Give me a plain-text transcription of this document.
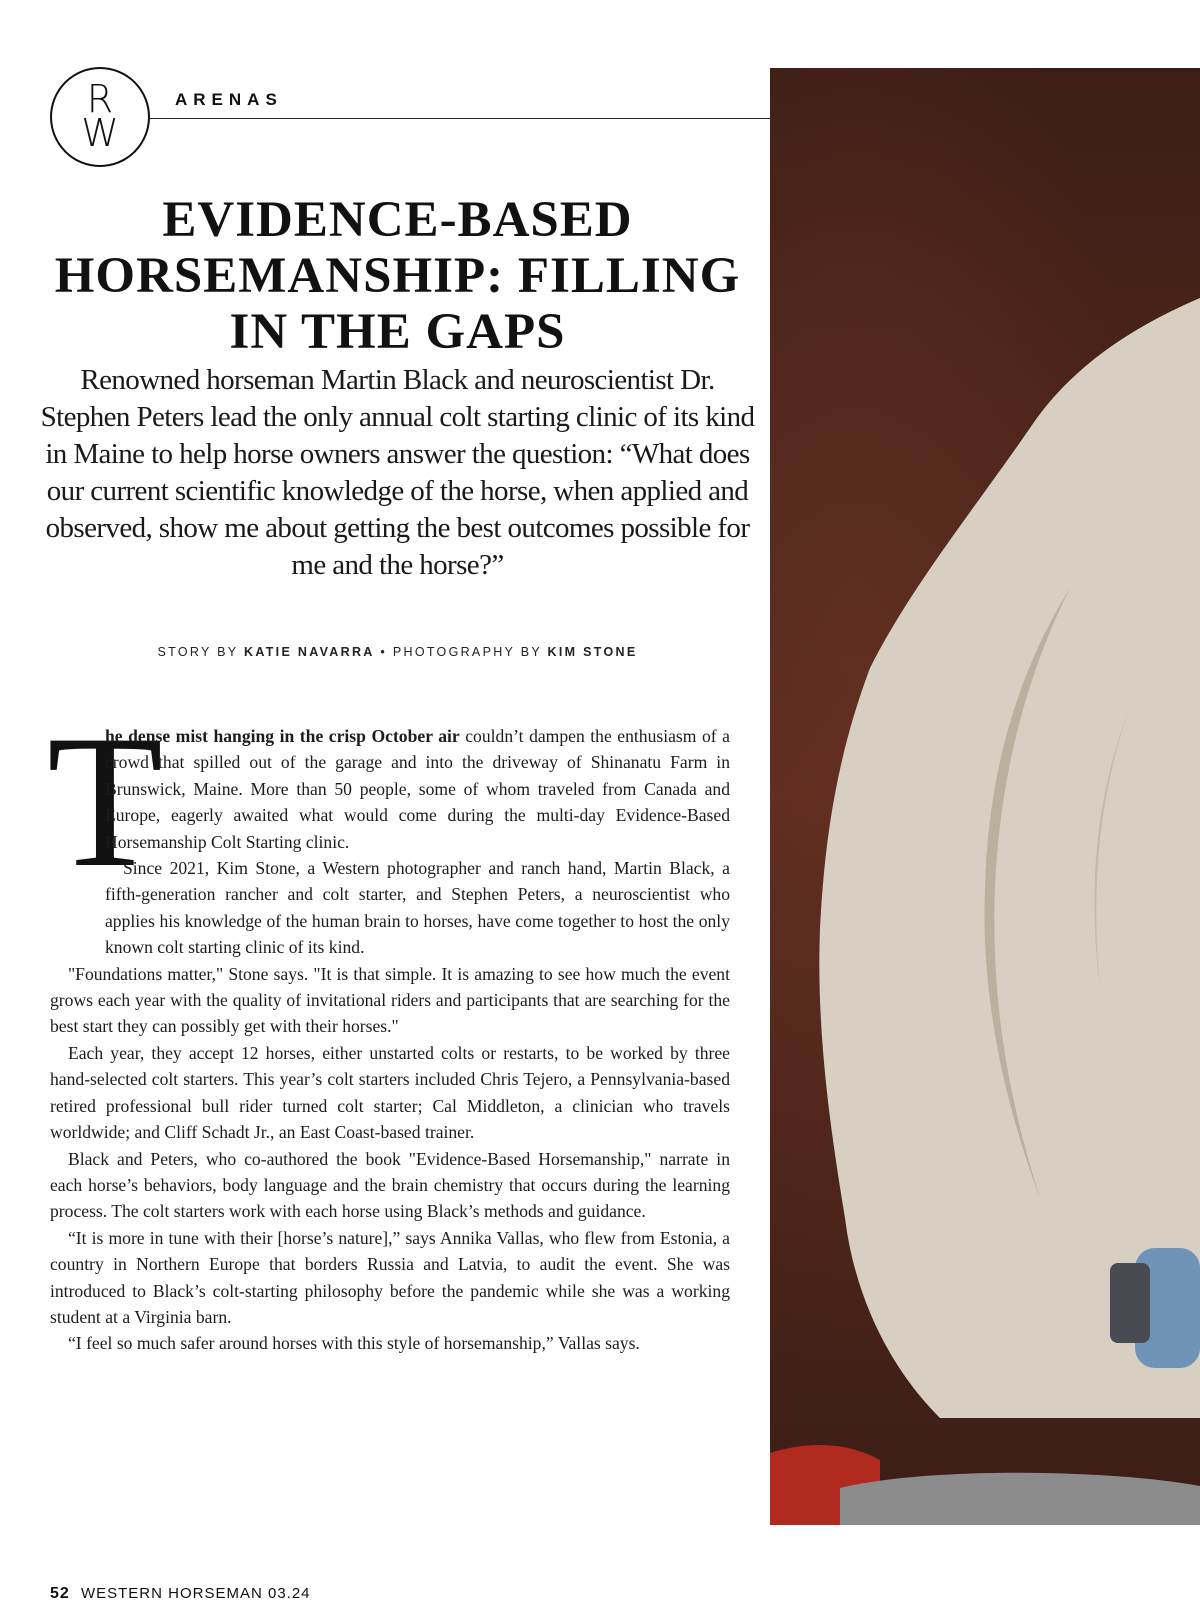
R
W
ARENAS
EVIDENCE-BASED HORSEMANSHIP: FILLING IN THE GAPS

Renowned horseman Martin Black and neuroscientist Dr. Stephen Peters lead the only annual colt starting clinic of its kind in Maine to help horse owners answer the question: “What does our current scientific knowledge of the horse, when applied and observed, show me about getting the best outcomes possible for me and the horse?”

STORY BY KATIE NAVARRA • PHOTOGRAPHY BY KIM STONE

T
he dense mist hanging in the crisp October air couldn’t dampen the enthusiasm of a crowd that spilled out of the garage and into the driveway of Shinanatu Farm in Brunswick, Maine. More than 50 people, some of whom traveled from Canada and Europe, eagerly awaited what would come during the multi-day Evidence-Based Horsemanship Colt Starting clinic.

Since 2021, Kim Stone, a Western photographer and ranch hand, Martin Black, a fifth-generation rancher and colt starter, and Stephen Peters, a neuroscientist who applies his knowledge of the human brain to horses, have come together to host the only known colt starting clinic of its kind.

"Foundations matter," Stone says. "It is that simple. It is amazing to see how much the event grows each year with the quality of invitational riders and participants that are searching for the best start they can possibly get with their horses."

Each year, they accept 12 horses, either unstarted colts or restarts, to be worked by three hand-selected colt starters. This year’s colt starters included Chris Tejero, a Pennsylvania-based retired professional bull rider turned colt starter; Cal Middleton, a clinician who travels worldwide; and Cliff Schadt Jr., an East Coast-based trainer.

Black and Peters, who co-authored the book "Evidence-Based Horsemanship," narrate in each horse’s behaviors, body language and the brain chemistry that occurs during the learning process. The colt starters work with each horse using Black’s methods and guidance.

“It is more in tune with their [horse’s nature],” says Annika Vallas, who flew from Estonia, a country in Northern Europe that borders Russia and Latvia, to audit the event. She was introduced to Black’s colt-starting philosophy before the pandemic while she was a working student at a Virginia barn.

“I feel so much safer around horses with this style of horsemanship,” Vallas says.

52 WESTERN HORSEMAN 03.24
